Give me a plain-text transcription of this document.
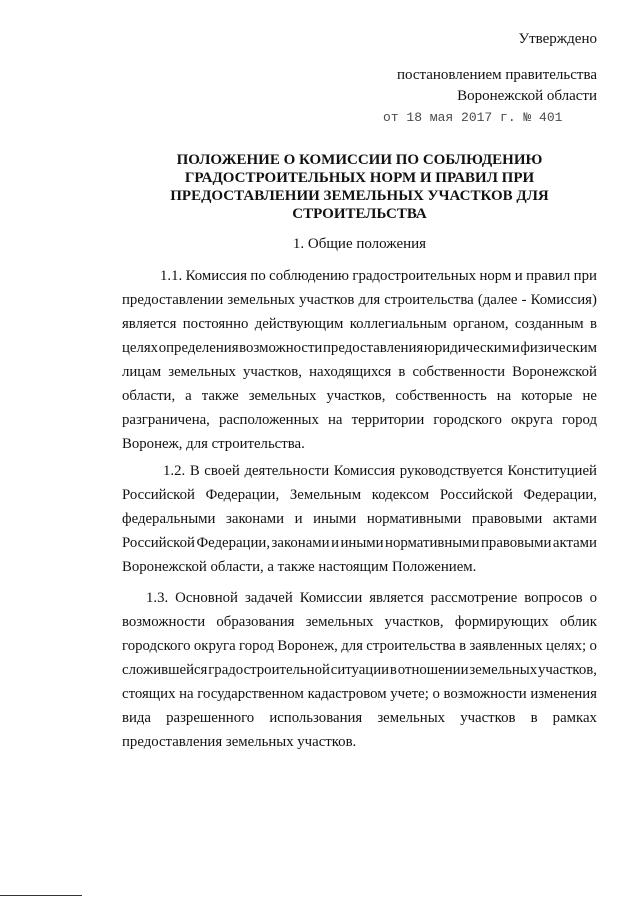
Утверждено
постановлением правительства
Воронежской области
от 18 мая 2017 г. № 401
ПОЛОЖЕНИЕ О КОМИССИИ ПО СОБЛЮДЕНИЮ
ГРАДОСТРОИТЕЛЬНЫХ НОРМ И ПРАВИЛ ПРИ
ПРЕДОСТАВЛЕНИИ ЗЕМЕЛЬНЫХ УЧАСТКОВ ДЛЯ
СТРОИТЕЛЬСТВА
1. Общие положения
1.1. Комиссия по соблюдению градостроительных норм и правил при
предоставлении земельных участков для строительства (далее - Комиссия)
является постоянно действующим коллегиальным органом, созданным в
целях определения возможности предоставления юридическим и физическим
лицам земельных участков, находящихся в собственности Воронежской
области, а также земельных участков, собственность на которые не
разграничена, расположенных на территории городского округа город
Воронеж, для строительства.
1.2. В своей деятельности Комиссия руководствуется Конституцией
Российской Федерации, Земельным кодексом Российской Федерации,
федеральными законами и иными нормативными правовыми актами
Российской Федерации, законами и иными нормативными правовыми актами
Воронежской области, а также настоящим Положением.
1.3. Основной задачей Комиссии является рассмотрение вопросов о
возможности образования земельных участков, формирующих облик
городского округа город Воронеж, для строительства в заявленных целях; о
сложившейся градостроительной ситуации в отношении земельных участков,
стоящих на государственном кадастровом учете; о возможности изменения
вида разрешенного использования земельных участков в рамках
предоставления земельных участков.
